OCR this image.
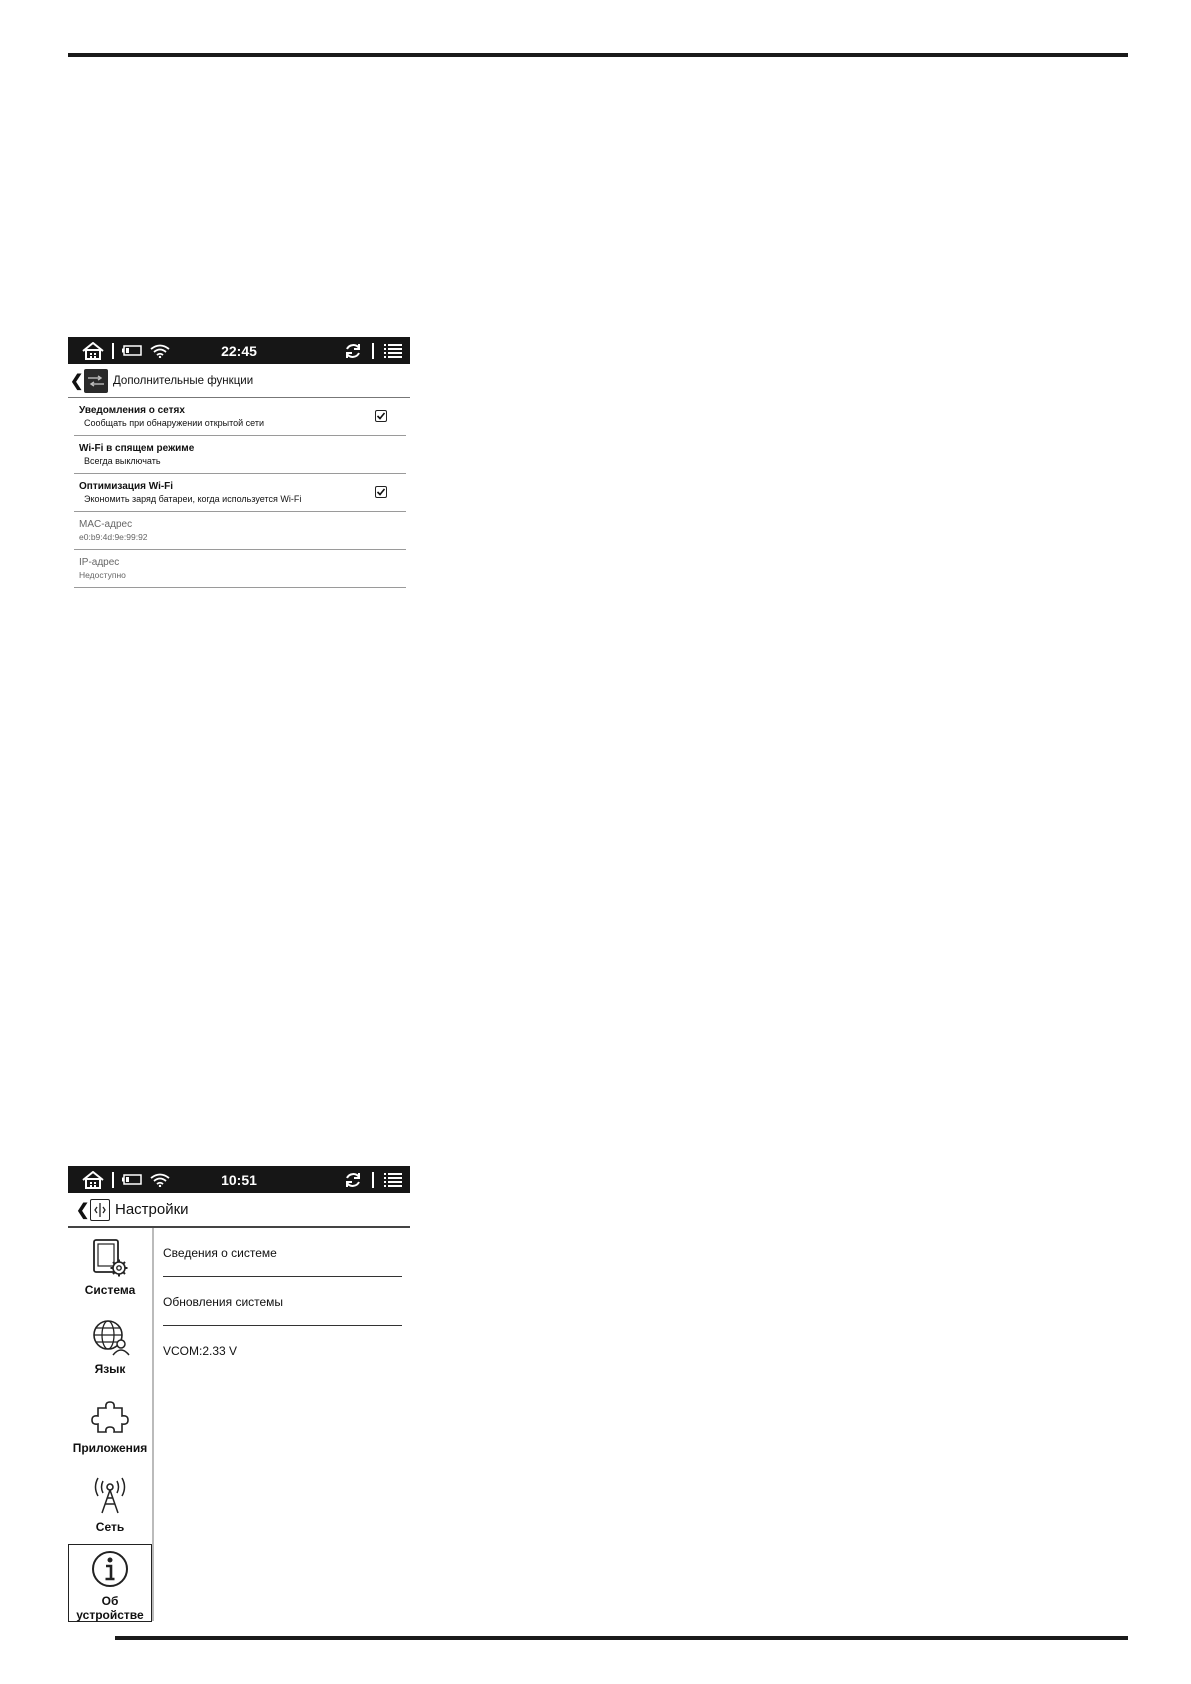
22:45
❮	Дополнительные функции
Уведомления о сетях
Сообщать при обнаружении открытой сети
Wi-Fi в спящем режиме
Всегда выключать
Оптимизация Wi-Fi
Экономить заряд батареи, когда используется Wi-Fi
MAC-адрес
e0:b9:4d:9e:99:92
IP-адрес
Недоступно
10:51
❮ Настройки
Система
Язык
Приложения
Сеть
Об устройстве
Сведения о системе
Обновления системы
VCOM:2.33 V
